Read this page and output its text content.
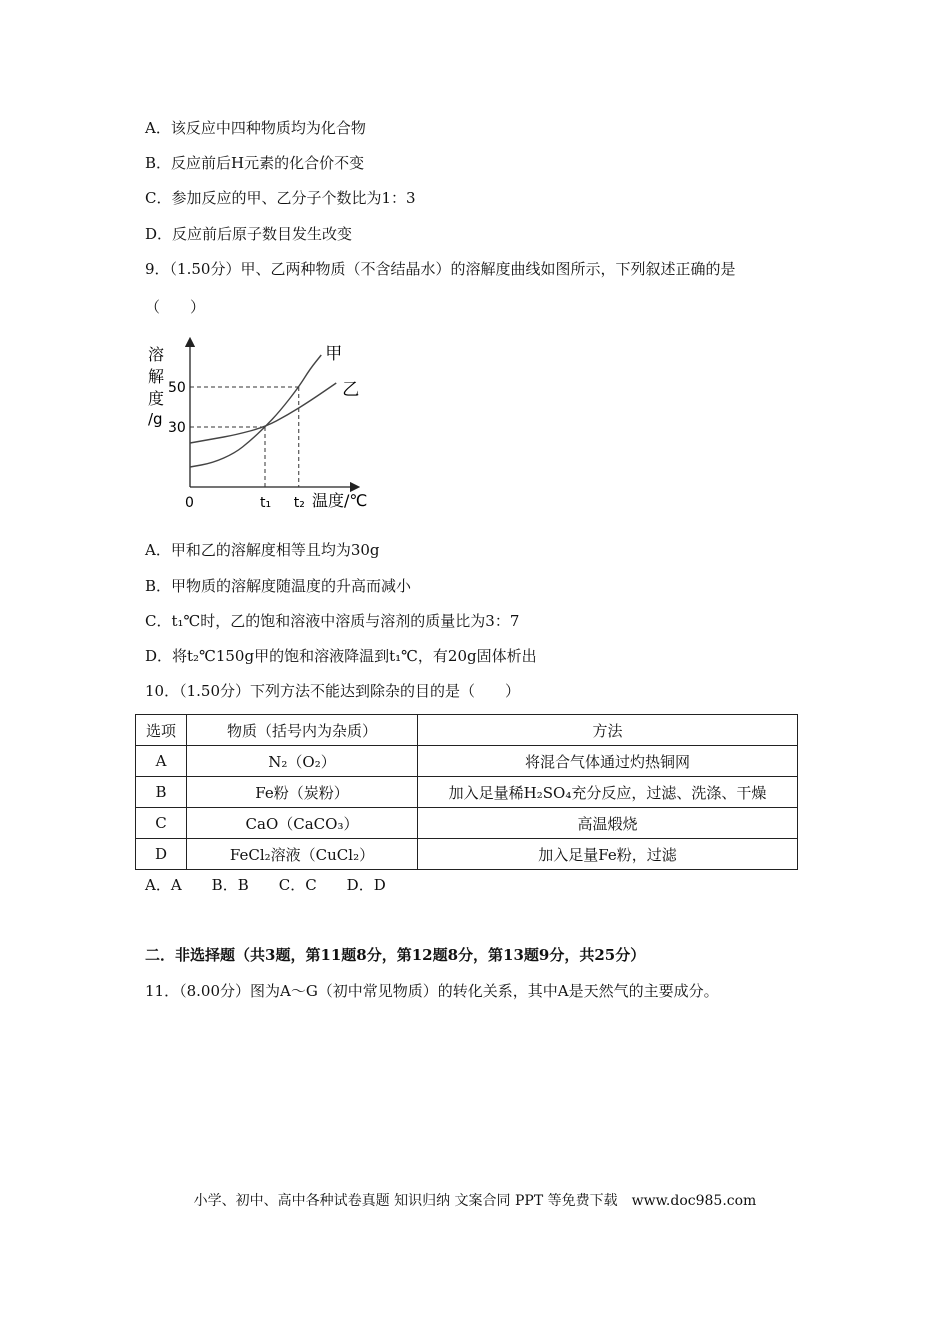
A．该反应中四种物质均为化合物
B．反应前后H元素的化合价不变
C．参加反应的甲、乙分子个数比为1：3
D．反应前后原子数目发生改变
9．（1.50分）甲、乙两种物质（不含结晶水）的溶解度曲线如图所示，下列叙述正确的是
（　　）
溶
解
度
/g
0	t₁ t₂
30
50
甲
乙
温度/℃
A．甲和乙的溶解度相等且均为30g
B．甲物质的溶解度随温度的升高而减小
C．t₁℃时，乙的饱和溶液中溶质与溶剂的质量比为3：7
D．将t₂℃150g甲的饱和溶液降温到t₁℃，有20g固体析出
10．（1.50分）下列方法不能达到除杂的目的是（　　）
选项	物质（括号内为杂质）	方法
A	N₂（O₂）	将混合气体通过灼热铜网
B	Fe粉（炭粉）	加入足量稀H₂SO₄充分反应，过滤、洗涤、干燥
C	CaO（CaCO₃）	高温煅烧
D	FeCl₂溶液（CuCl₂）	加入足量Fe粉，过滤
A．A　　B．B　　C．C　　D．D
二．非选择题（共3题，第11题8分，第12题8分，第13题9分，共25分）
11．（8.00分）图为A～G（初中常见物质）的转化关系，其中A是天然气的主要成分。
小学、初中、高中各种试卷真题 知识归纳 文案合同 PPT 等免费下载　www.doc985.com
